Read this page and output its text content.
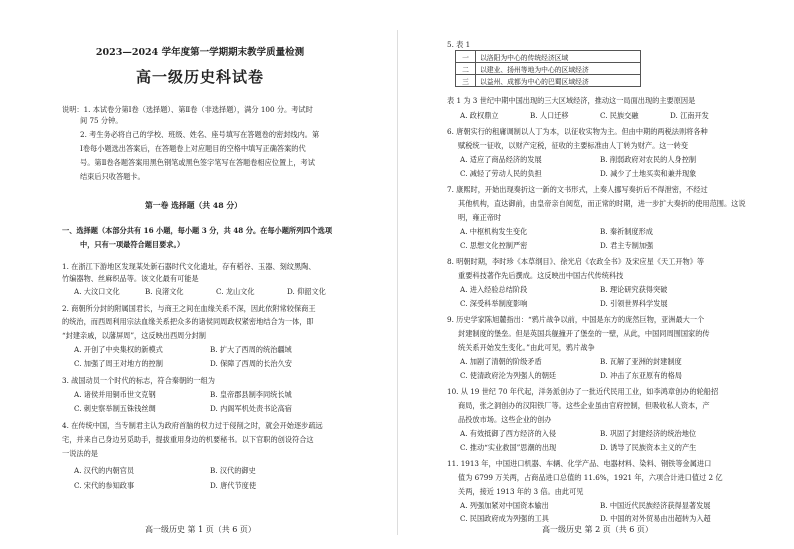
2023—2024 学年度第一学期期末教学质量检测
高一级历史科试卷
说明：1. 本试卷分第Ⅰ卷（选择题）、第Ⅱ卷（非选择题），满分 100 分。考试时
间 75 分钟。
2. 考生务必将自己的学校、班级、姓名、座号填写在答题卷的密封线内。第
Ⅰ卷每小题选出答案后，在答题卷上对应题目的空格中填写正确答案的代
号。第Ⅱ卷各题答案用黑色钢笔或黑色签字笔写在答题卷相应位置上，考试
结束后只收答题卡。
第一卷 选择题（共 48 分）
一、选择题（本部分共有 16 小题，每小题 3 分，共 48 分。在每小题所列四个选项
中，只有一项最符合题目要求。）
1. 在浙江下游地区发现某处新石器时代文化遗址，存有稻谷、玉器、刻纹黑陶、
竹编器物、丝麻织品等。该文化最有可能是
A. 大汶口文化	B. 良渚文化	C. 龙山文化	D. 仰韶文化
2. 商朝所分封的附属国君长，与商王之间在血缘关系不深，因此依附常较保商王
的统治，而西周利用宗法血缘关系把众多的诸侯同周政权紧密地结合为一体，即
“封建亲戚，以藩屏周”，这反映出西周分封制
A. 开创了中央集权的新模式	B. 扩大了西周的统治疆域
C. 加强了周王对地方的控制	D. 保障了西周的长治久安
3. 战国动员一个时代的标志，符合秦朝的一组为
A. 诸侯并用铜币世文克钢	B. 皇帝郡县制李同统长城
C. 刺史察举制五铢钱丝绸	D. 内阁军机处责书论高宿
4. 在传统中国，当专制君主认为政府首脑的权力过于侵削之时，就会开始逐步疏远
宅，并来自己身边另觅助手，提拔重用身边的机要秘书。以下官职的创设符合这
一说法的是
A. 汉代的内朝官员	B. 汉代的御史
C. 宋代的参知政事	D. 唐代节度使
高一级历史 第 1 页（共 6 页）	高一级历史 第 2 页（共 6 页）
5. 表 1
一	以洛阳为中心的传统经济区域
二	以建业、扬州等地为中心的区域经济
三	以益州、成都为中心的巴蜀区域经济
表 1 为 3 世纪中期中国出现的三大区域经济，推动这一局面出现的主要原因是
A. 政权鼎立	B. 人口迁移	C. 民族交融	D. 江南开发
6. 唐朝实行的租庸调制以人丁为本，以征收实物为主。但由中期的两税法则将各种
赋税统一征收，以财产定税，征收的主要标准由人丁转为财产。这一转变
A. 适应了商品经济的发展	B. 削弱政府对农民的人身控制
C. 减轻了劳动人民的负担	D. 减少了土地买卖和兼并现象
7. 康熙时，开始出现奏折这一新的文书形式，上奏人挪写奏折后不得泄密，不经过
其他机构，直达御前，由皇帝亲自阅览，而正常的时期，进一步扩大奏折的使用范围。这说
明，雍正帝时
A. 中枢机构发生变化	B. 秦祈制度形成
C. 思想文化控制严密	D. 君主专制加强
8. 明朝时期，李时珍《本草纲目》、徐光启《农政全书》及宋应星《天工开物》等
重要科技著作先后撰成。这反映出中国古代传统科技
A. 进入经验总结阶段	B. 理论研究获得突破
C. 深受科举制度影响	D. 引领世界科学发展
9. 历史学家陈旭麓指出：“鸦片战争以前，中国是东方的庞然巨物，亚洲最大一个
封建制度的堡垒。但是英国兵舰撞开了堡垒的一壁，从此，中国同周围国家的传
统关系开始发生变化。”由此可见，鸦片战争
A. 加剧了清朝的阶级矛盾	B. 瓦解了亚洲的封建制度
C. 使清政府沦为列强人的朝廷	D. 冲击了东亚原有的格局
10. 从 19 世纪 70 年代起，洋务派创办了一批近代民用工业，如李鸿章创办的轮船招
商局，张之洞创办的汉阳铁厂等。这些企业虽由官府控制，但吸收私人资本，产
品投放市场。这些企业的创办
A. 有效抵御了西方经济的入侵	B. 巩固了封建经济的统治地位
C. 推动“实业救国”思潮的出现	D. 诱导了民族资本主义的产生
11. 1913 年，中国进口机器、车辆、化学产品、电器材料、染料、钢铁等金属进口
值为 6799 万关两，占商品进口总值的 11.6%，1921 年，六项合计进口值过 2 亿
关两，接近 1913 年的 3 倍。由此可见
A. 列强加紧对中国资本输出	B. 中国近代民族经济获得显著发展
C. 民国政府成为列强的工具	D. 中国的对外贸易由出超转为入超
